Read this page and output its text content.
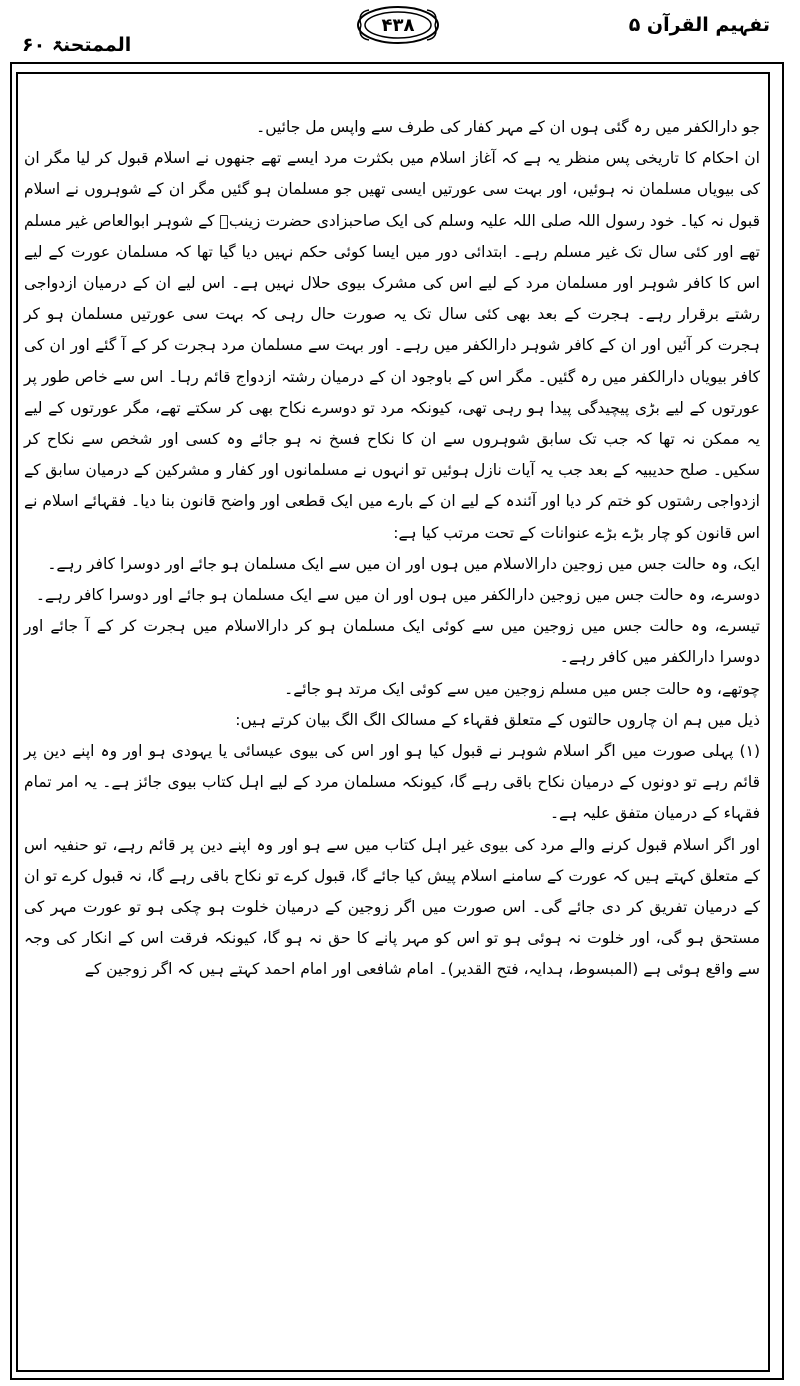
تفہیم القرآن ۵
۴۳۸
الممتحنۃ ۶۰

جو دارالکفر میں رہ گئی ہوں ان کے مہر کفار کی طرف سے واپس مل جائیں۔

ان احکام کا تاریخی پس منظر یہ ہے کہ آغاز اسلام میں بکثرت مرد ایسے تھے جنھوں نے اسلام قبول کر لیا مگر ان کی بیویاں مسلمان نہ ہوئیں، اور بہت سی عورتیں ایسی تھیں جو مسلمان ہو گئیں مگر ان کے شوہروں نے اسلام قبول نہ کیا۔ خود رسول اللہ صلی اللہ علیہ وسلم کی ایک صاحبزادی حضرت زینبؓ کے شوہر ابوالعاص غیر مسلم تھے اور کئی سال تک غیر مسلم رہے۔ ابتدائی دور میں ایسا کوئی حکم نہیں دیا گیا تھا کہ مسلمان عورت کے لیے اس کا کافر شوہر اور مسلمان مرد کے لیے اس کی مشرک بیوی حلال نہیں ہے۔ اس لیے ان کے درمیان ازدواجی رشتے برقرار رہے۔ ہجرت کے بعد بھی کئی سال تک یہ صورت حال رہی کہ بہت سی عورتیں مسلمان ہو کر ہجرت کر آئیں اور ان کے کافر شوہر دارالکفر میں رہے۔ اور بہت سے مسلمان مرد ہجرت کر کے آ گئے اور ان کی کافر بیویاں دارالکفر میں رہ گئیں۔ مگر اس کے باوجود ان کے درمیان رشتہ ازدواج قائم رہا۔ اس سے خاص طور پر عورتوں کے لیے بڑی پیچیدگی پیدا ہو رہی تھی، کیونکہ مرد تو دوسرے نکاح بھی کر سکتے تھے، مگر عورتوں کے لیے یہ ممکن نہ تھا کہ جب تک سابق شوہروں سے ان کا نکاح فسخ نہ ہو جائے وہ کسی اور شخص سے نکاح کر سکیں۔ صلح حدیبیہ کے بعد جب یہ آیات نازل ہوئیں تو انہوں نے مسلمانوں اور کفار و مشرکین کے درمیان سابق کے ازدواجی رشتوں کو ختم کر دیا اور آئندہ کے لیے ان کے بارے میں ایک قطعی اور واضح قانون بنا دیا۔ فقہائے اسلام نے اس قانون کو چار بڑے بڑے عنوانات کے تحت مرتب کیا ہے:

ایک، وہ حالت جس میں زوجین دارالاسلام میں ہوں اور ان میں سے ایک مسلمان ہو جائے اور دوسرا کافر رہے۔

دوسرے، وہ حالت جس میں زوجین دارالکفر میں ہوں اور ان میں سے ایک مسلمان ہو جائے اور دوسرا کافر رہے۔

تیسرے، وہ حالت جس میں زوجین میں سے کوئی ایک مسلمان ہو کر دارالاسلام میں ہجرت کر کے آ جائے اور دوسرا دارالکفر میں کافر رہے۔

چوتھے، وہ حالت جس میں مسلم زوجین میں سے کوئی ایک مرتد ہو جائے۔

ذیل میں ہم ان چاروں حالتوں کے متعلق فقہاء کے مسالک الگ الگ بیان کرتے ہیں:

(۱) پہلی صورت میں اگر اسلام شوہر نے قبول کیا ہو اور اس کی بیوی عیسائی یا یہودی ہو اور وہ اپنے دین پر قائم رہے تو دونوں کے درمیان نکاح باقی رہے گا، کیونکہ مسلمان مرد کے لیے اہل کتاب بیوی جائز ہے۔ یہ امر تمام فقہاء کے درمیان متفق علیہ ہے۔

اور اگر اسلام قبول کرنے والے مرد کی بیوی غیر اہل کتاب میں سے ہو اور وہ اپنے دین پر قائم رہے، تو حنفیہ اس کے متعلق کہتے ہیں کہ عورت کے سامنے اسلام پیش کیا جائے گا، قبول کرے تو نکاح باقی رہے گا، نہ قبول کرے تو ان کے درمیان تفریق کر دی جائے گی۔ اس صورت میں اگر زوجین کے درمیان خلوت ہو چکی ہو تو عورت مہر کی مستحق ہو گی، اور خلوت نہ ہوئی ہو تو اس کو مہر پانے کا حق نہ ہو گا، کیونکہ فرقت اس کے انکار کی وجہ سے واقع ہوئی ہے (المبسوط، ہدایہ، فتح القدیر)۔ امام شافعی اور امام احمد کہتے ہیں کہ اگر زوجین کے
